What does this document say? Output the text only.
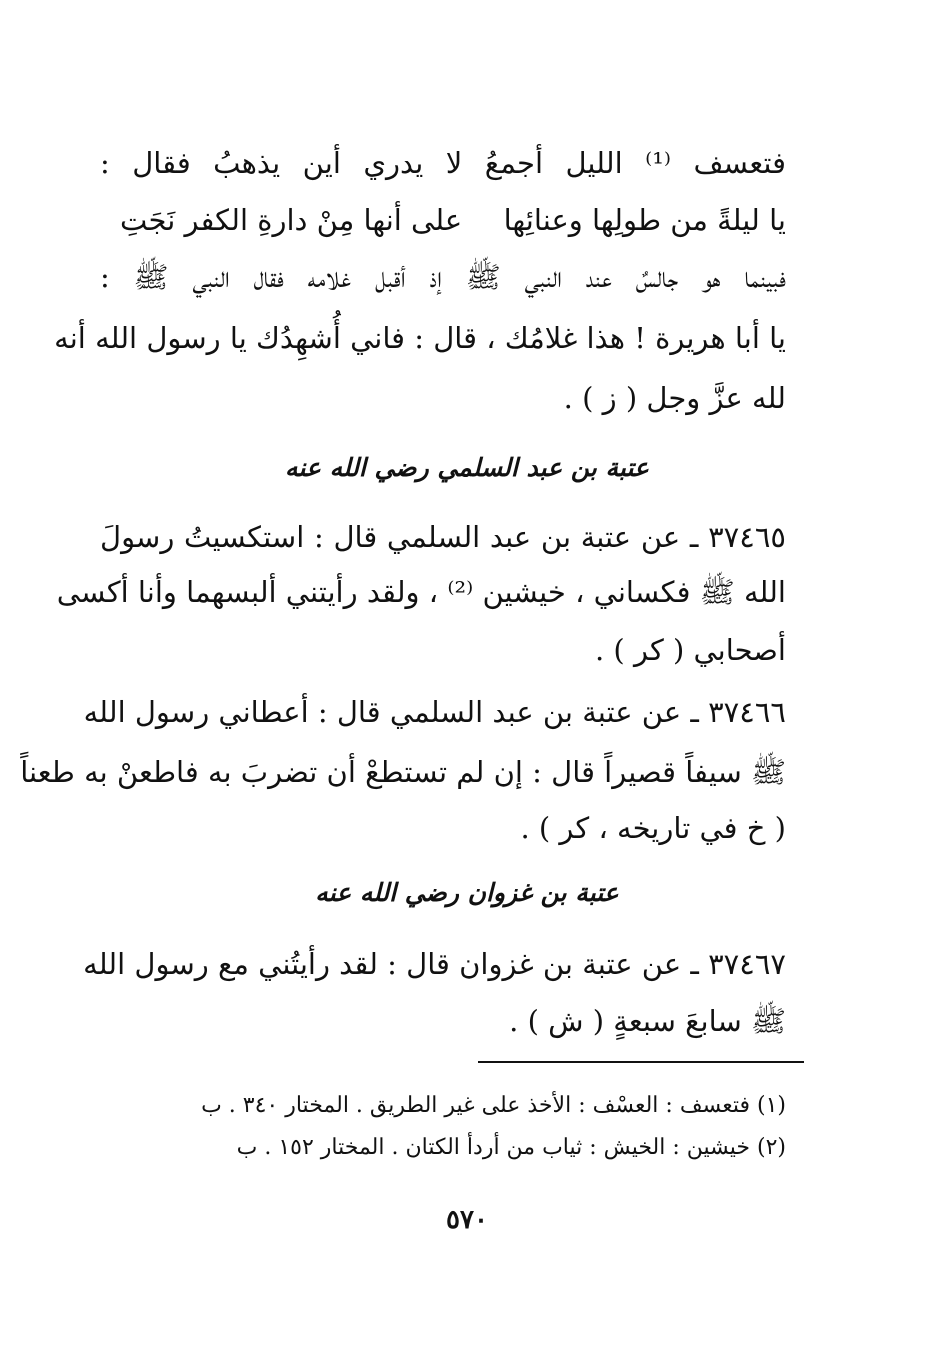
فتعسف ⁽¹⁾ الليل أجمعُ لا يدري أين يذهبُ فقال :
يا ليلةً من طولِها وعنائِها
على أنها مِنْ دارةِ الكفر نَجَتِ
فبينما هو جالسٌ عند النبي ﷺ إذ أقبل غلامه فقال النبي ﷺ :
يا أبا هريرة ! هذا غلامُك ، قال : فاني أُشهِدُك يا رسول الله أنه
لله عزَّ وجل ( ز ) .
عتبة بن عبد السلمي رضي الله عنه
٣٧٤٦٥ ـ عن عتبة بن عبد السلمي قال : استكسيتُ رسولَ
الله ﷺ فكساني ، خيشين ⁽²⁾ ، ولقد رأيتني ألبسهما وأنا أكسى
أصحابي ( كر ) .
٣٧٤٦٦ ـ عن عتبة بن عبد السلمي قال : أعطاني رسول الله
ﷺ سيفاً قصيراً قال : إن لم تستطعْ أن تضربَ به فاطعنْ به طعناً
( خ في تاريخه ، كر ) .
عتبة بن غزوان رضي الله عنه
٣٧٤٦٧ ـ عن عتبة بن غزوان قال : لقد رأيتُني مع رسول الله
ﷺ سابعَ سبعةٍ ( ش ) .
(١) فتعسف : العسْف : الأخذ على غير الطريق . المختار ٣٤٠ . ب
(٢) خيشين : الخيش : ثياب من أردأ الكتان . المختار ١٥٢ . ب
٥٧٠
